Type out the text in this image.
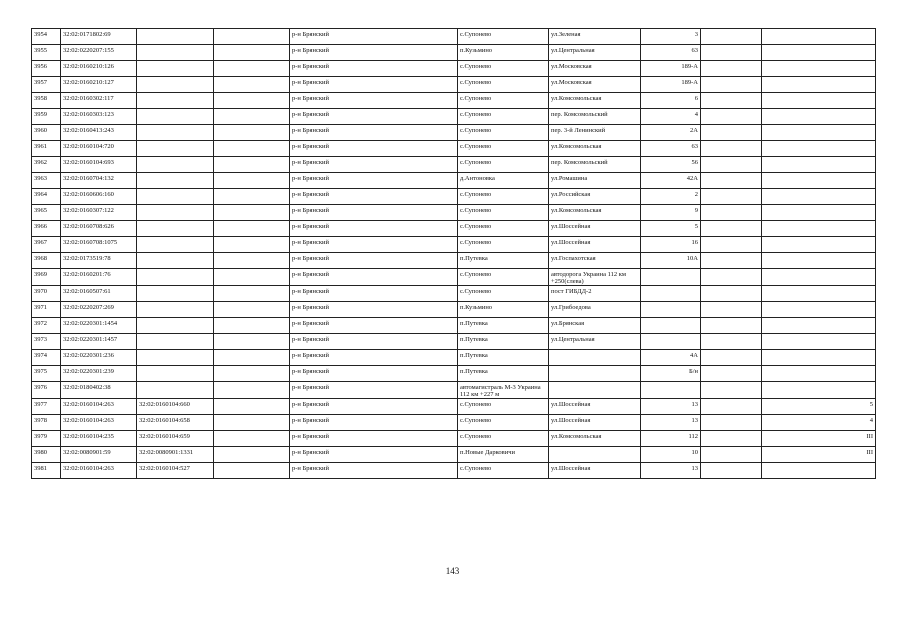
3954	32:02:0171802:69			р-н Брянский	с.Супонево	ул.Зеленая	3		
3955	32:02:0220207:155			р-н Брянский	п.Кузьмино	ул.Центральная	63		
3956	32:02:0160210:126			р-н Брянский	с.Супонево	ул.Московская	189-А		
3957	32:02:0160210:127			р-н Брянский	с.Супонево	ул.Московская	189-А		
3958	32:02:0160302:117			р-н Брянский	с.Супонево	ул.Комсомольская	6		
3959	32:02:0160303:123			р-н Брянский	с.Супонево	пер. Комсомольский	4		
3960	32:02:0160413:243			р-н Брянский	с.Супонево	пер. 3-й Ленинский	2А		
3961	32:02:0160104:720			р-н Брянский	с.Супонево	ул.Комсомольская	63		
3962	32:02:0160104:693			р-н Брянский	с.Супонево	пер. Комсомольский	56		
3963	32:02:0160704:132			р-н Брянский	д.Антоновка	ул.Ромашина	42А		
3964	32:02:0160606:160			р-н Брянский	с.Супонево	ул.Российская	2		
3965	32:02:0160307:122			р-н Брянский	с.Супонево	ул.Комсомольская	9		
3966	32:02:0160708:626			р-н Брянский	с.Супонево	ул.Шоссейная	5		
3967	32:02:0160708:1075			р-н Брянский	с.Супонево	ул.Шоссейная	16		
3968	32:02:0173519:78			р-н Брянский	п.Путевка	ул.Госпахотская	10А		
3969	32:02:0160201:76			р-н Брянский	с.Супонево	автодорога Украина 112 км +250(слева)			
3970	32:02:0160507:61			р-н Брянский	с.Супонево	пост ГИБДД-2			
3971	32:02:0220207:269			р-н Брянский	п.Кузьмино	ул.Грибоедова			
3972	32:02:0220301:1454			р-н Брянский	п.Путевка	ул.Брянская			
3973	32:02:0220301:1457			р-н Брянский	п.Путевка	ул.Центральная			
3974	32:02:0220301:236			р-н Брянский	п.Путевка		4А		
3975	32:02:0220301:239			р-н Брянский	п.Путевка		Б/н		
3976	32:02:0180402:38			р-н Брянский	автомагистраль М-3 Украина 112 км +227 м				
3977	32:02:0160104:263	32:02:0160104:660		р-н Брянский	с.Супонево	ул.Шоссейная	13		5
3978	32:02:0160104:263	32:02:0160104:658		р-н Брянский	с.Супонево	ул.Шоссейная	13		4
3979	32:02:0160104:235	32:02:0160104:659		р-н Брянский	с.Супонево	ул.Комсомольская	112		III
3980	32:02:0080901:59	32:02:0080901:1331		р-н Брянский	п.Новые Дарковичи		10		III
3981	32:02:0160104:263	32:02:0160104:527		р-н Брянский	с.Супонево	ул.Шоссейная	13		
143
